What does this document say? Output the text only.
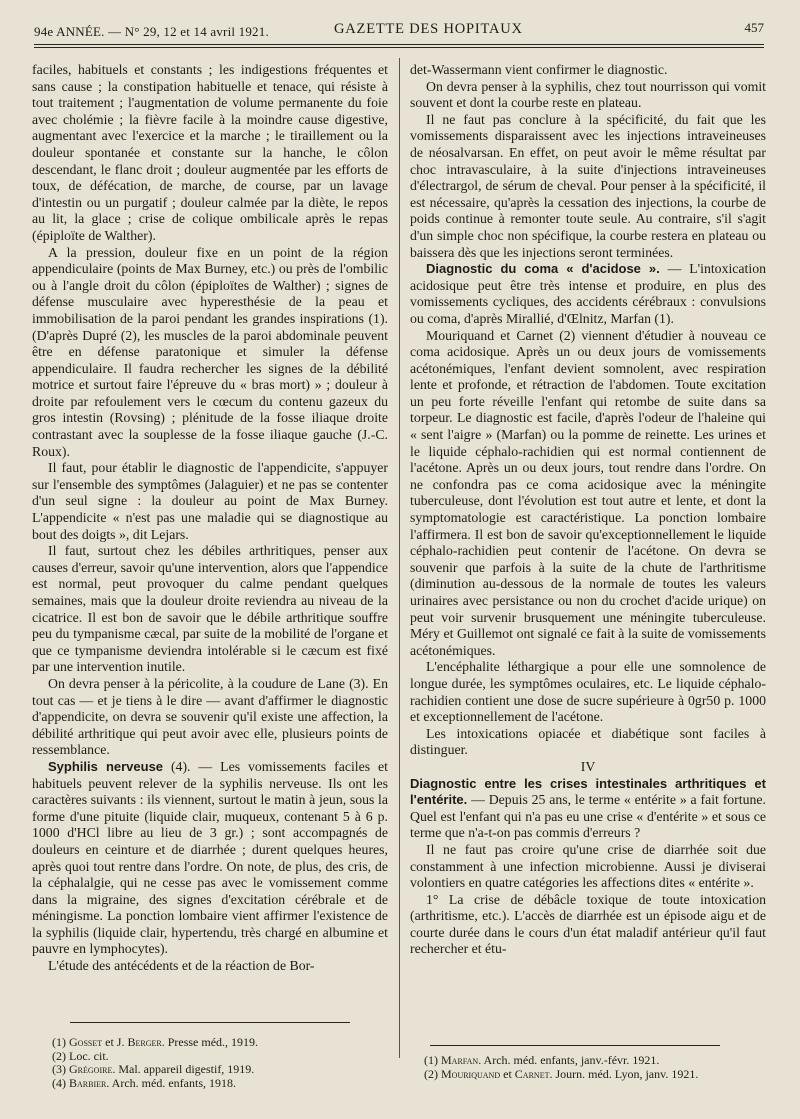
94e ANNÉE. — N° 29, 12 et 14 avril 1921.	GAZETTE DES HOPITAUX	457

faciles, habituels et constants ; les indigestions fréquentes et sans cause ; la constipation habituelle et tenace, qui résiste à tout traitement ; l'augmentation de volume permanente du foie avec cholémie ; la fièvre facile à la moindre cause digestive, augmentant avec l'exercice et la marche ; le tiraillement ou la douleur spontanée et constante sur la hanche, le côlon descendant, le flanc droit ; douleur augmentée par les efforts de toux, de défécation, de marche, de course, par un lavage d'intestin ou un purgatif ; douleur calmée par la diète, le repos au lit, la glace ; crise de colique ombilicale après le repas (épiploïte de Walther).

A la pression, douleur fixe en un point de la région appendiculaire (points de Max Burney, etc.) ou près de l'ombilic ou à l'angle droit du côlon (épiploïtes de Walther) ; signes de défense musculaire avec hyperesthésie de la peau et immobilisation de la paroi pendant les grandes inspirations (1). (D'après Dupré (2), les muscles de la paroi abdominale peuvent être en défense paratonique et simuler la défense appendiculaire. Il faudra rechercher les signes de la débilité motrice et surtout faire l'épreuve du « bras mort) » ; douleur à droite par refoulement vers le cœcum du contenu gazeux du gros intestin (Rovsing) ; plénitude de la fosse iliaque droite contrastant avec la souplesse de la fosse iliaque gauche (J.-C. Roux).

Il faut, pour établir le diagnostic de l'appendicite, s'appuyer sur l'ensemble des symptômes (Jalaguier) et ne pas se contenter d'un seul signe : la douleur au point de Max Burney. L'appendicite « n'est pas une maladie qui se diagnostique au bout des doigts », dit Lejars.

Il faut, surtout chez les débiles arthritiques, penser aux causes d'erreur, savoir qu'une intervention, alors que l'appendice est normal, peut provoquer du calme pendant quelques semaines, mais que la douleur droite reviendra au niveau de la cicatrice. Il est bon de savoir que le débile arthritique souffre peu du tympanisme cæcal, par suite de la mobilité de l'organe et que ce tympanisme deviendra intolérable si le cæcum est fixé par une intervention inutile.

On devra penser à la péricolite, à la coudure de Lane (3). En tout cas — et je tiens à le dire — avant d'affirmer le diagnostic d'appendicite, on devra se souvenir qu'il existe une affection, la débilité arthritique qui peut avoir avec elle, plusieurs points de ressemblance.

Syphilis nerveuse (4). — Les vomissements faciles et habituels peuvent relever de la syphilis nerveuse. Ils ont les caractères suivants : ils viennent, surtout le matin à jeun, sous la forme d'une pituite (liquide clair, muqueux, contenant 5 à 6 p. 1000 d'HCl libre au lieu de 3 gr.) ; sont accompagnés de douleurs en ceinture et de diarrhée ; durent quelques heures, après quoi tout rentre dans l'ordre. On note, de plus, des cris, de la céphalalgie, qui ne cesse pas avec le vomissement comme dans la migraine, des signes d'excitation cérébrale et de méningisme. La ponction lombaire vient affirmer l'existence de la syphilis (liquide clair, hypertendu, très chargé en albumine et pauvre en lymphocytes).

L'étude des antécédents et de la réaction de Bor-

(1) Gosset et J. Berger. Presse méd., 1919.
(2) Loc. cit.
(3) Grégoire. Mal. appareil digestif, 1919.
(4) Barbier. Arch. méd. enfants, 1918.

det-Wassermann vient confirmer le diagnostic.

On devra penser à la syphilis, chez tout nourrisson qui vomit souvent et dont la courbe reste en plateau.

Il ne faut pas conclure à la spécificité, du fait que les vomissements disparaissent avec les injections intraveineuses de néosalvarsan. En effet, on peut avoir le même résultat par choc intravasculaire, à la suite d'injections intraveineuses d'électrargol, de sérum de cheval. Pour penser à la spécificité, il est nécessaire, qu'après la cessation des injections, la courbe de poids continue à remonter toute seule. Au contraire, s'il s'agit d'un simple choc non spécifique, la courbe restera en plateau ou baissera dès que les injections seront terminées.

Diagnostic du coma « d'acidose ». — L'intoxication acidosique peut être très intense et produire, en plus des vomissements cycliques, des accidents cérébraux : convulsions ou coma, d'après Mirallié, d'Œlnitz, Marfan (1).

Mouriquand et Carnet (2) viennent d'étudier à nouveau ce coma acidosique. Après un ou deux jours de vomissements acétonémiques, l'enfant devient somnolent, avec respiration lente et profonde, et rétraction de l'abdomen. Toute excitation un peu forte réveille l'enfant qui retombe de suite dans sa torpeur. Le diagnostic est facile, d'après l'odeur de l'haleine qui « sent l'aigre » (Marfan) ou la pomme de reinette. Les urines et le liquide céphalo-rachidien qui est normal contiennent de l'acétone. Après un ou deux jours, tout rendre dans l'ordre. On ne confondra pas ce coma acidosique avec la méningite tuberculeuse, dont l'évolution est tout autre et lente, et dont la symptomatologie est caractéristique. La ponction lombaire l'affirmera. Il est bon de savoir qu'exceptionnellement le liquide céphalo-rachidien peut contenir de l'acétone. On devra se souvenir que parfois à la suite de la chute de l'arthritisme (diminution au-dessous de la normale de toutes les valeurs urinaires avec persistance ou non du crochet d'acide urique) on peut voir survenir brusquement une méningite tuberculeuse. Méry et Guillemot ont signalé ce fait à la suite de vomissements acétonémiques.

L'encéphalite léthargique a pour elle une somnolence de longue durée, les symptômes oculaires, etc. Le liquide céphalo-rachidien contient une dose de sucre supérieure à 0gr50 p. 1000 et exceptionnellement de l'acétone.

Les intoxications opiacée et diabétique sont faciles à distinguer.

IV

Diagnostic entre les crises intestinales arthritiques et l'entérite. — Depuis 25 ans, le terme « entérite » a fait fortune. Quel est l'enfant qui n'a pas eu une crise « d'entérite » et sous ce terme que n'a-t-on pas commis d'erreurs ?

Il ne faut pas croire qu'une crise de diarrhée soit due constamment à une infection microbienne. Aussi je diviserai volontiers en quatre catégories les affections dites « entérite ».

1° La crise de débâcle toxique de toute intoxication (arthritisme, etc.). L'accès de diarrhée est un épisode aigu et de courte durée dans le cours d'un état maladif antérieur qu'il faut rechercher et étu-

(1) Marfan. Arch. méd. enfants, janv.-févr. 1921.
(2) Mouriquand et Carnet. Journ. méd. Lyon, janv. 1921.
